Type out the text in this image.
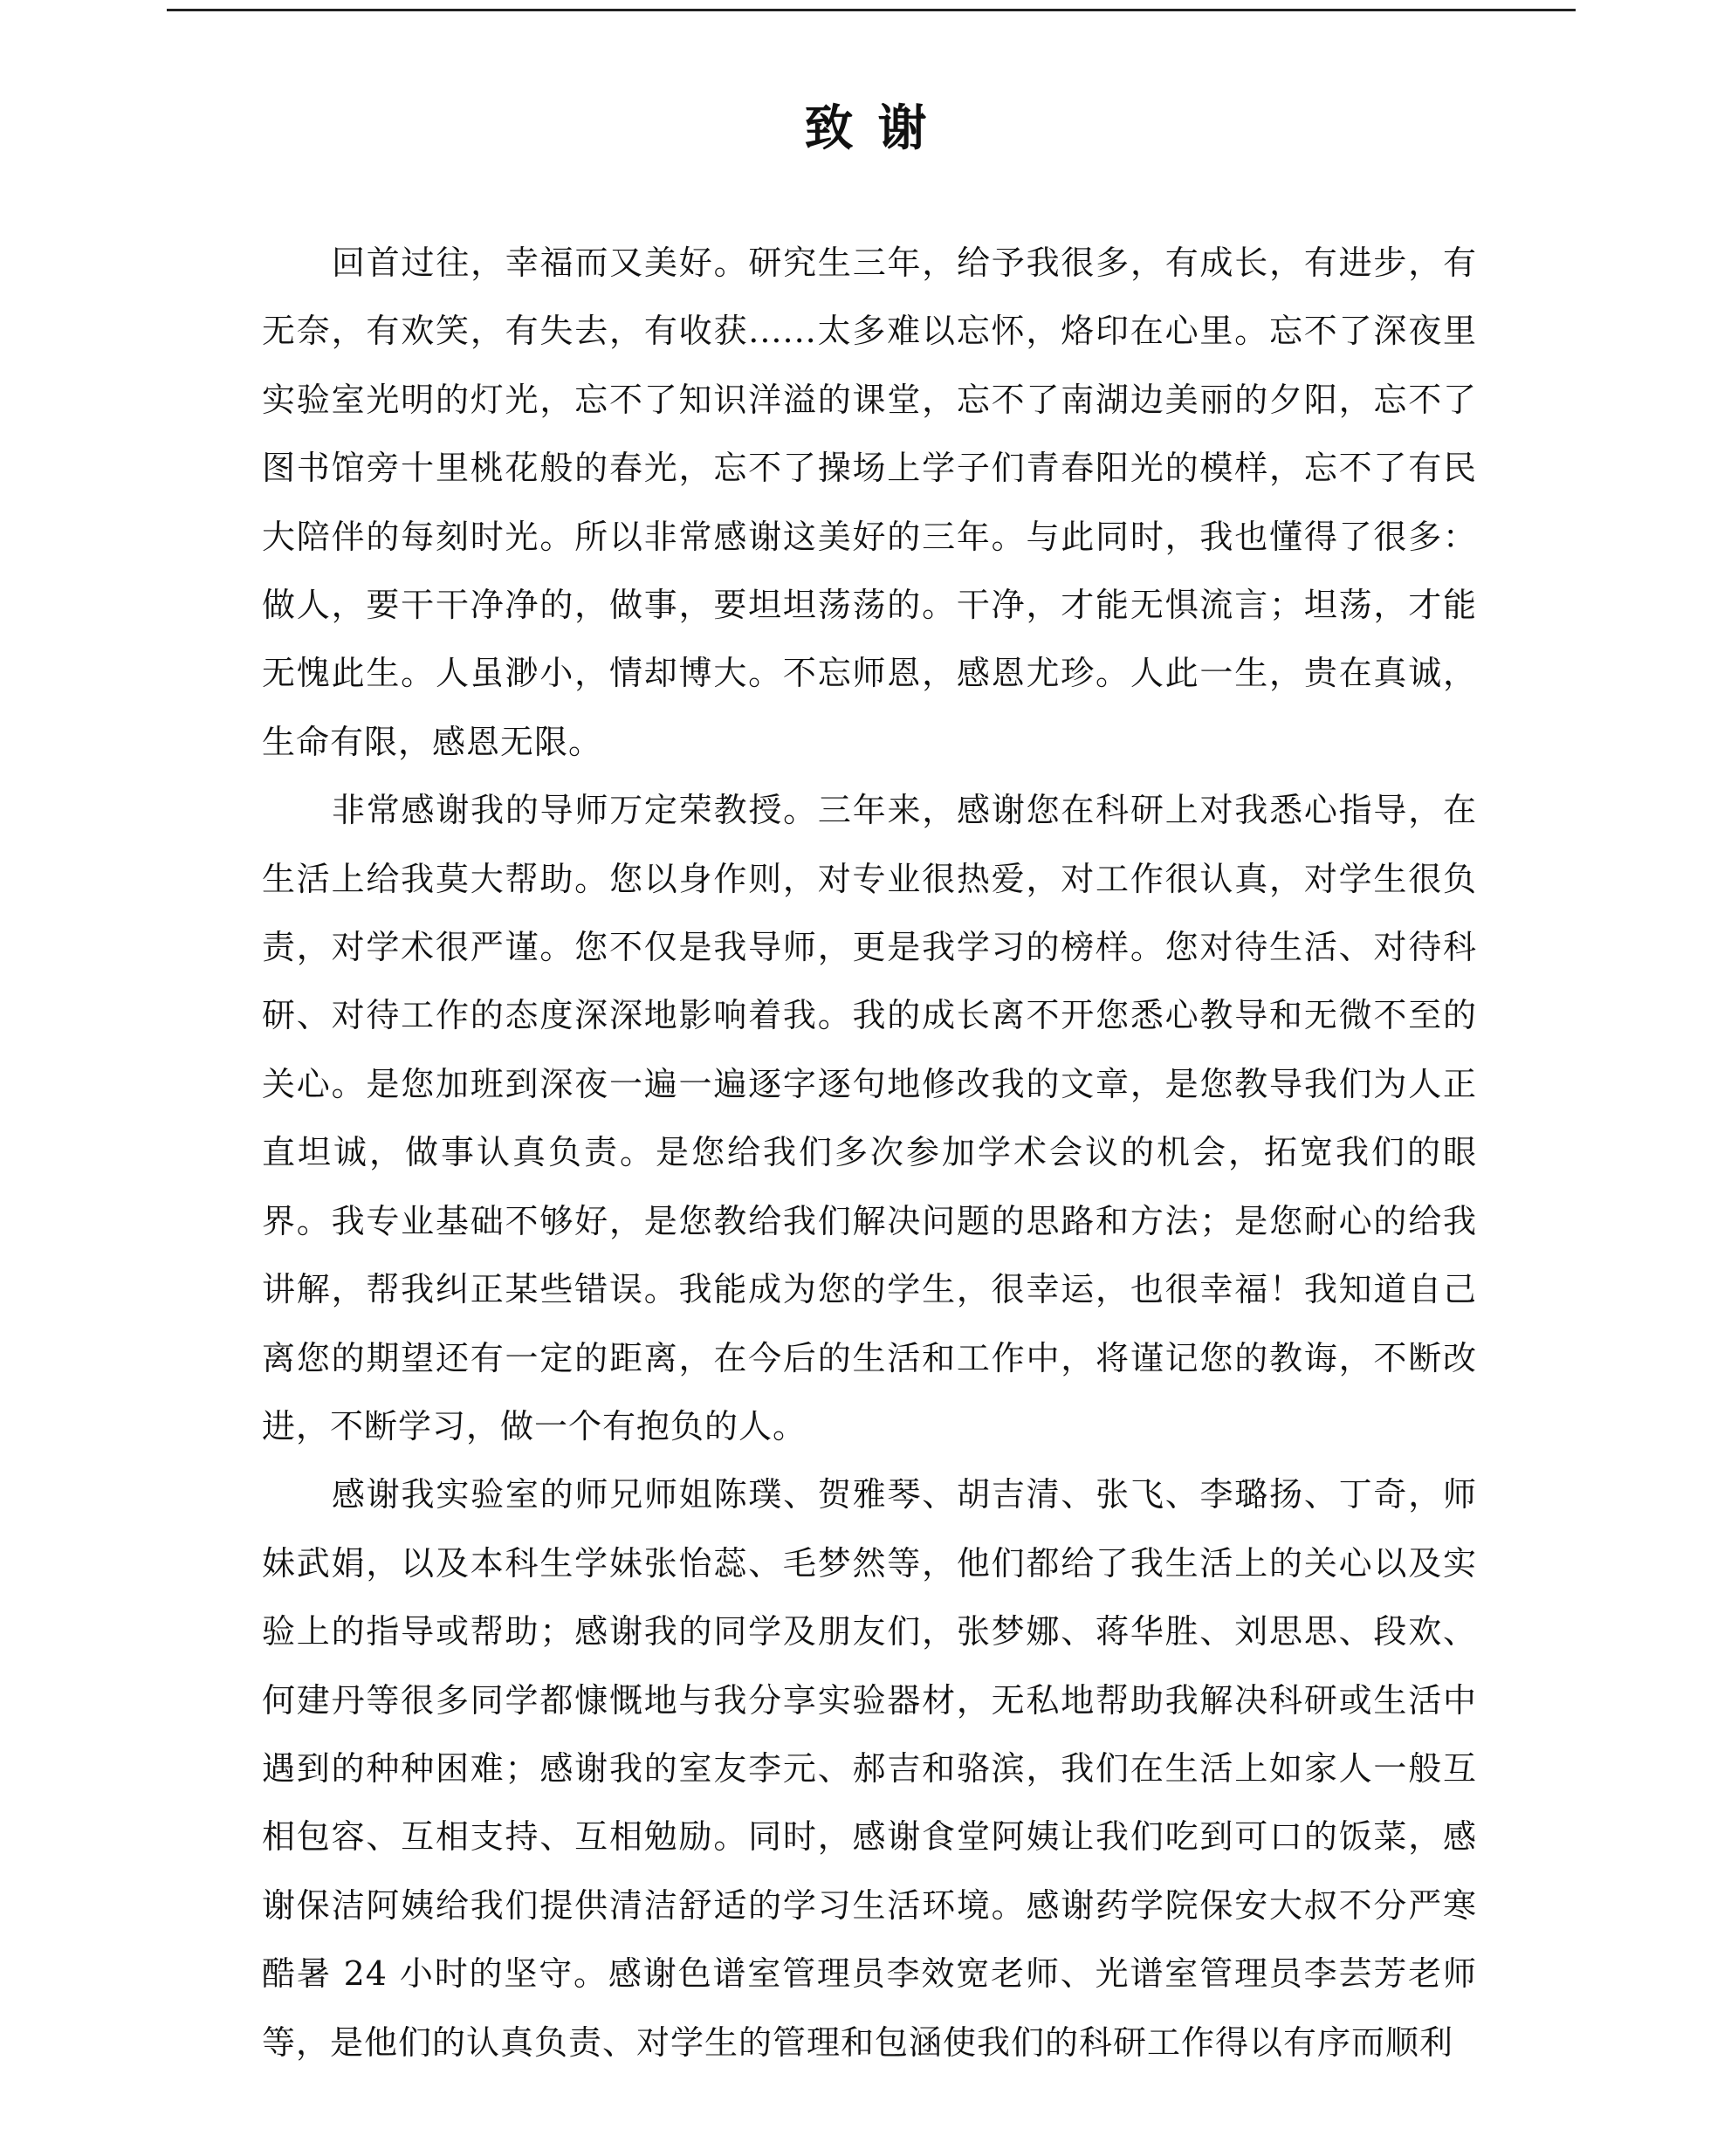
致谢

回首过往，幸福而又美好。研究生三年，给予我很多，有成长，有进步，有无奈，有欢笑，有失去，有收获......太多难以忘怀，烙印在心里。忘不了深夜里实验室光明的灯光，忘不了知识洋溢的课堂，忘不了南湖边美丽的夕阳，忘不了图书馆旁十里桃花般的春光，忘不了操场上学子们青春阳光的模样，忘不了有民大陪伴的每刻时光。所以非常感谢这美好的三年。与此同时，我也懂得了很多：做人，要干干净净的，做事，要坦坦荡荡的。干净，才能无惧流言；坦荡，才能无愧此生。人虽渺小，情却博大。不忘师恩，感恩尤珍。人此一生，贵在真诚，生命有限，感恩无限。

非常感谢我的导师万定荣教授。三年来，感谢您在科研上对我悉心指导，在生活上给我莫大帮助。您以身作则，对专业很热爱，对工作很认真，对学生很负责，对学术很严谨。您不仅是我导师，更是我学习的榜样。您对待生活、对待科研、对待工作的态度深深地影响着我。我的成长离不开您悉心教导和无微不至的关心。是您加班到深夜一遍一遍逐字逐句地修改我的文章，是您教导我们为人正直坦诚，做事认真负责。是您给我们多次参加学术会议的机会，拓宽我们的眼界。我专业基础不够好，是您教给我们解决问题的思路和方法；是您耐心的给我讲解，帮我纠正某些错误。我能成为您的学生，很幸运，也很幸福！我知道自己离您的期望还有一定的距离，在今后的生活和工作中，将谨记您的教诲，不断改进，不断学习，做一个有抱负的人。

感谢我实验室的师兄师姐陈璞、贺雅琴、胡吉清、张飞、李璐扬、丁奇，师妹武娟，以及本科生学妹张怡蕊、毛梦然等，他们都给了我生活上的关心以及实验上的指导或帮助；感谢我的同学及朋友们，张梦娜、蒋华胜、刘思思、段欢、何建丹等很多同学都慷慨地与我分享实验器材，无私地帮助我解决科研或生活中遇到的种种困难；感谢我的室友李元、郝吉和骆滨，我们在生活上如家人一般互相包容、互相支持、互相勉励。同时，感谢食堂阿姨让我们吃到可口的饭菜，感谢保洁阿姨给我们提供清洁舒适的学习生活环境。感谢药学院保安大叔不分严寒酷暑 24 小时的坚守。感谢色谱室管理员李效宽老师、光谱室管理员李芸芳老师等，是他们的认真负责、对学生的管理和包涵使我们的科研工作得以有序而顺利
